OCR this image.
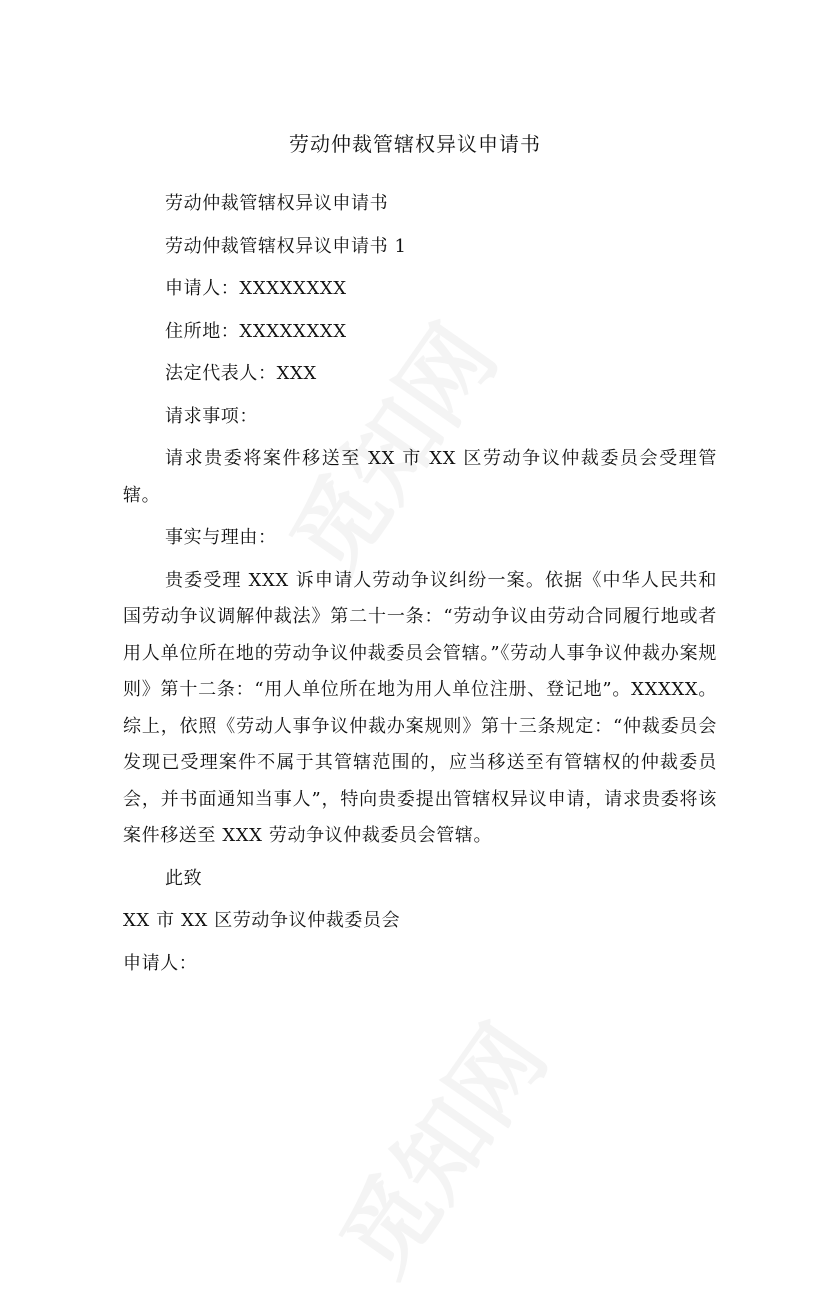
劳动仲裁管辖权异议申请书

劳动仲裁管辖权异议申请书

劳动仲裁管辖权异议申请书 1

申请人：XXXXXXXX

住所地：XXXXXXXX

法定代表人：XXX

请求事项：

请求贵委将案件移送至 XX 市 XX 区劳动争议仲裁委员会受理管辖。

事实与理由：

贵委受理 XXX 诉申请人劳动争议纠纷一案。依据《中华人民共和国劳动争议调解仲裁法》第二十一条：“劳动争议由劳动合同履行地或者用人单位所在地的劳动争议仲裁委员会管辖。”《劳动人事争议仲裁办案规则》第十二条：“用人单位所在地为用人单位注册、登记地”。XXXXX。综上，依照《劳动人事争议仲裁办案规则》第十三条规定：“仲裁委员会发现已受理案件不属于其管辖范围的，应当移送至有管辖权的仲裁委员会，并书面通知当事人”，特向贵委提出管辖权异议申请，请求贵委将该案件移送至 XXX 劳动争议仲裁委员会管辖。

此致

XX 市 XX 区劳动争议仲裁委员会

申请人：
